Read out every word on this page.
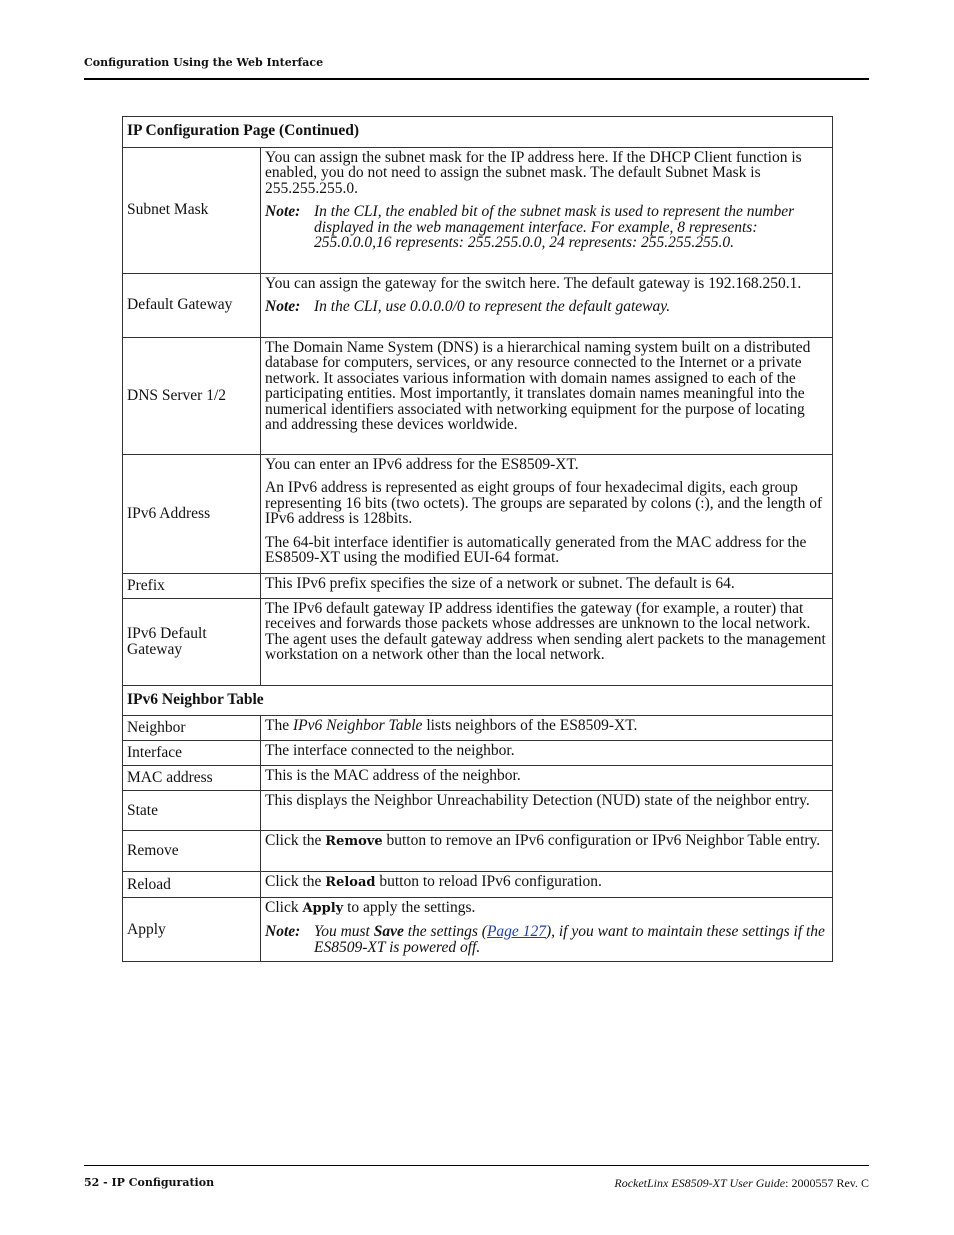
Configuration Using the Web Interface
IP Configuration Page (Continued)	
Subnet Mask	You can assign the subnet mask for the IP address here. If the DHCP Client function is enabled, you do not need to assign the subnet mask. The default Subnet Mask is 255.255.255.0.

Note: In the CLI, the enabled bit of the subnet mask is used to represent the number displayed in the web management interface. For example, 8 represents: 255.0.0.0,16 represents: 255.255.0.0, 24 represents: 255.255.255.0.

Default Gateway	You can assign the gateway for the switch here. The default gateway is 192.168.250.1.

Note: In the CLI, use 0.0.0.0/0 to represent the default gateway.

DNS Server 1/2	The Domain Name System (DNS) is a hierarchical naming system built on a distributed database for computers, services, or any resource connected to the Internet or a private network. It associates various information with domain names assigned to each of the participating entities. Most importantly, it translates domain names meaningful into the numerical identifiers associated with networking equipment for the purpose of locating and addressing these devices worldwide.

IPv6 Address	You can enter an IPv6 address for the ES8509-XT.

An IPv6 address is represented as eight groups of four hexadecimal digits, each group representing 16 bits (two octets). The groups are separated by colons (:), and the length of IPv6 address is 128bits.

The 64-bit interface identifier is automatically generated from the MAC address for the ES8509-XT using the modified EUI-64 format.

Prefix	This IPv6 prefix specifies the size of a network or subnet. The default is 64.

IPv6 Default Gateway	The IPv6 default gateway IP address identifies the gateway (for example, a router) that receives and forwards those packets whose addresses are unknown to the local network. The agent uses the default gateway address when sending alert packets to the management workstation on a network other than the local network.

IPv6 Neighbor Table	
Neighbor	The IPv6 Neighbor Table lists neighbors of the ES8509-XT.

Interface	The interface connected to the neighbor.

MAC address	This is the MAC address of the neighbor.

State	This displays the Neighbor Unreachability Detection (NUD) state of the neighbor entry.

Remove	Click the Remove button to remove an IPv6 configuration or IPv6 Neighbor Table entry.

Reload	Click the Reload button to reload IPv6 configuration.

Apply	Click Apply to apply the settings.

Note: You must Save the settings (Page 127), if you want to maintain these settings if the ES8509-XT is powered off.

52 - IP Configuration	RocketLinx ES8509-XT User Guide: 2000557 Rev. C
